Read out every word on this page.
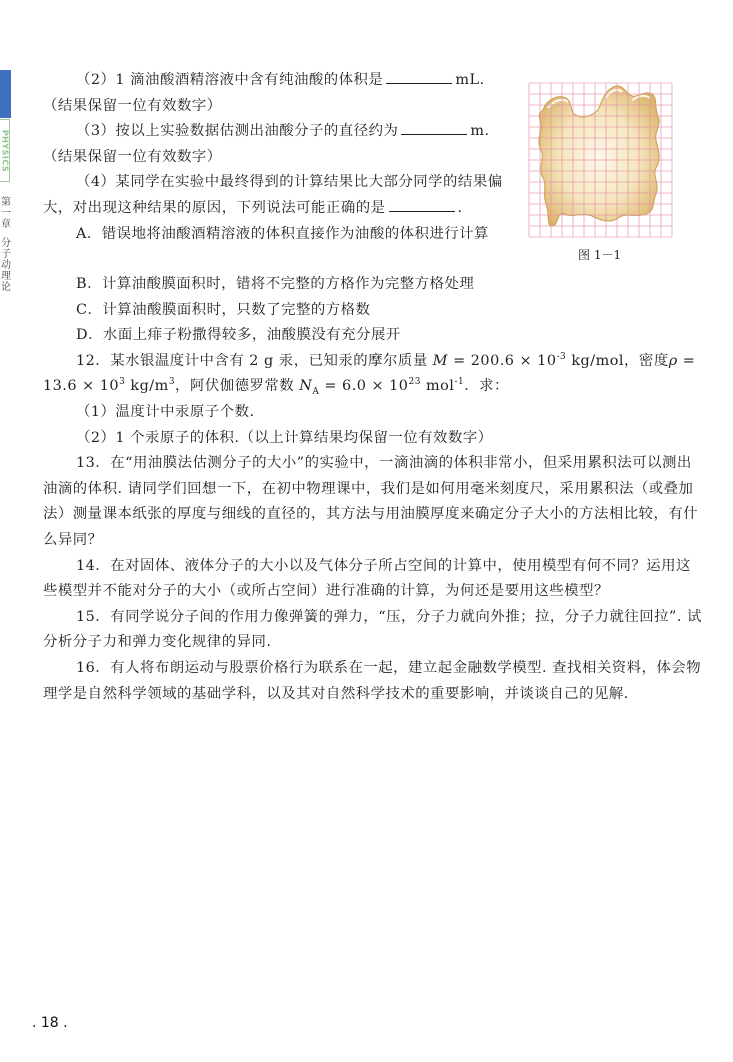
PHYSICS
第一章
分子动理论

（2）1 滴油酸酒精溶液中含有纯油酸的体积是	mL.

（结果保留一位有效数字）

（3）按以上实验数据估测出油酸分子的直径约为	m.

（结果保留一位有效数字）

（4）某同学在实验中最终得到的计算结果比大部分同学的结果偏大，对出现这种结果的原因，下列说法可能正确的是	.

A．错误地将油酸酒精溶液的体积直接作为油酸的体积进行计算

图 1－1

B．计算油酸膜面积时，错将不完整的方格作为完整方格处理

C．计算油酸膜面积时，只数了完整的方格数

D．水面上痱子粉撒得较多，油酸膜没有充分展开

12．某水银温度计中含有 2 g 汞，已知汞的摩尔质量 $M = 200.6 \times 10^{-3}$ kg/mol，密度$\rho = 13.6 \times 10^3$ $kg/m^3$，阿伏伽德罗常数 $N_A = 6.0 \times 10^{23}$ mol$^{-1}$．求：

（1）温度计中汞原子个数.

（2）1 个汞原子的体积.（以上计算结果均保留一位有效数字）

13．在“用油膜法估测分子的大小”的实验中，一滴油滴的体积非常小，但采用累积法可以测出油滴的体积. 请同学们回想一下，在初中物理课中，我们是如何用毫米刻度尺，采用累积法（或叠加法）测量课本纸张的厚度与细线的直径的，其方法与用油膜厚度来确定分子大小的方法相比较，有什么异同？

14．在对固体、液体分子的大小以及气体分子所占空间的计算中，使用模型有何不同？运用这些模型并不能对分子的大小（或所占空间）进行准确的计算，为何还是要用这些模型？

15．有同学说分子间的作用力像弹簧的弹力，“压，分子力就向外推；拉，分子力就往回拉”. 试分析分子力和弹力变化规律的异同.

16．有人将布朗运动与股票价格行为联系在一起，建立起金融数学模型. 查找相关资料，体会物理学是自然科学领域的基础学科，以及其对自然科学技术的重要影响，并谈谈自己的见解.

. 18 .
